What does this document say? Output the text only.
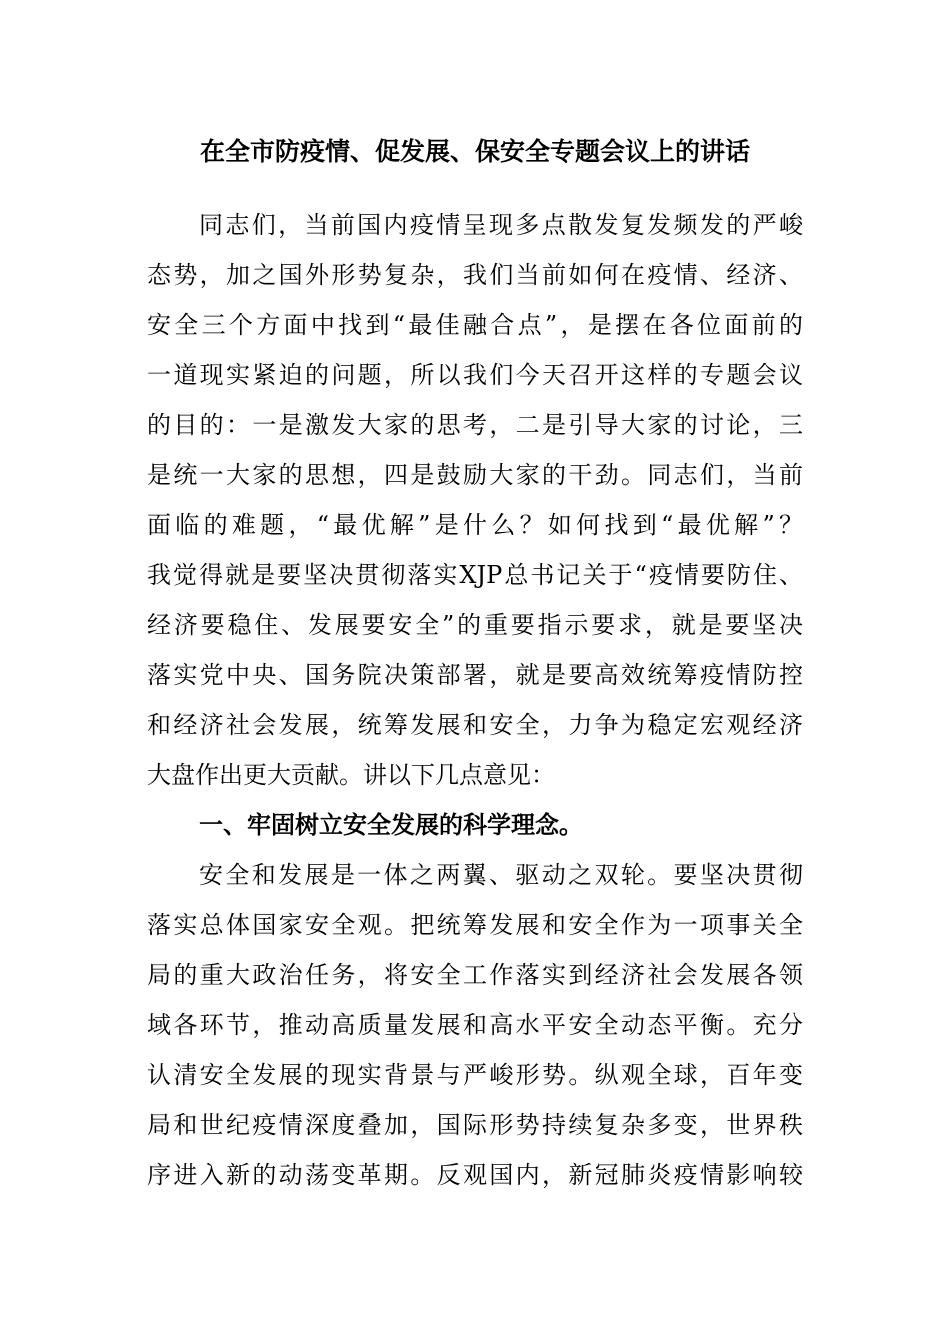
在全市防疫情、促发展、保安全专题会议上的讲话
同志们，当前国内疫情呈现多点散发复发频发的严峻
态势，加之国外形势复杂，我们当前如何在疫情、经济、
安全三个方面中找到“最佳融合点”，是摆在各位面前的
一道现实紧迫的问题，所以我们今天召开这样的专题会议
的目的：一是激发大家的思考，二是引导大家的讨论，三
是统一大家的思想，四是鼓励大家的干劲。同志们，当前
面临的难题，“最优解”是什么？如何找到“最优解”？
我觉得就是要坚决贯彻落实XJP总书记关于“疫情要防住、
经济要稳住、发展要安全”的重要指示要求，就是要坚决
落实党中央、国务院决策部署，就是要高效统筹疫情防控
和经济社会发展，统筹发展和安全，力争为稳定宏观经济
大盘作出更大贡献。讲以下几点意见：
一、牢固树立安全发展的科学理念。
安全和发展是一体之两翼、驱动之双轮。要坚决贯彻
落实总体国家安全观。把统筹发展和安全作为一项事关全
局的重大政治任务，将安全工作落实到经济社会发展各领
域各环节，推动高质量发展和高水平安全动态平衡。充分
认清安全发展的现实背景与严峻形势。纵观全球，百年变
局和世纪疫情深度叠加，国际形势持续复杂多变，世界秩
序进入新的动荡变革期。反观国内，新冠肺炎疫情影响较
